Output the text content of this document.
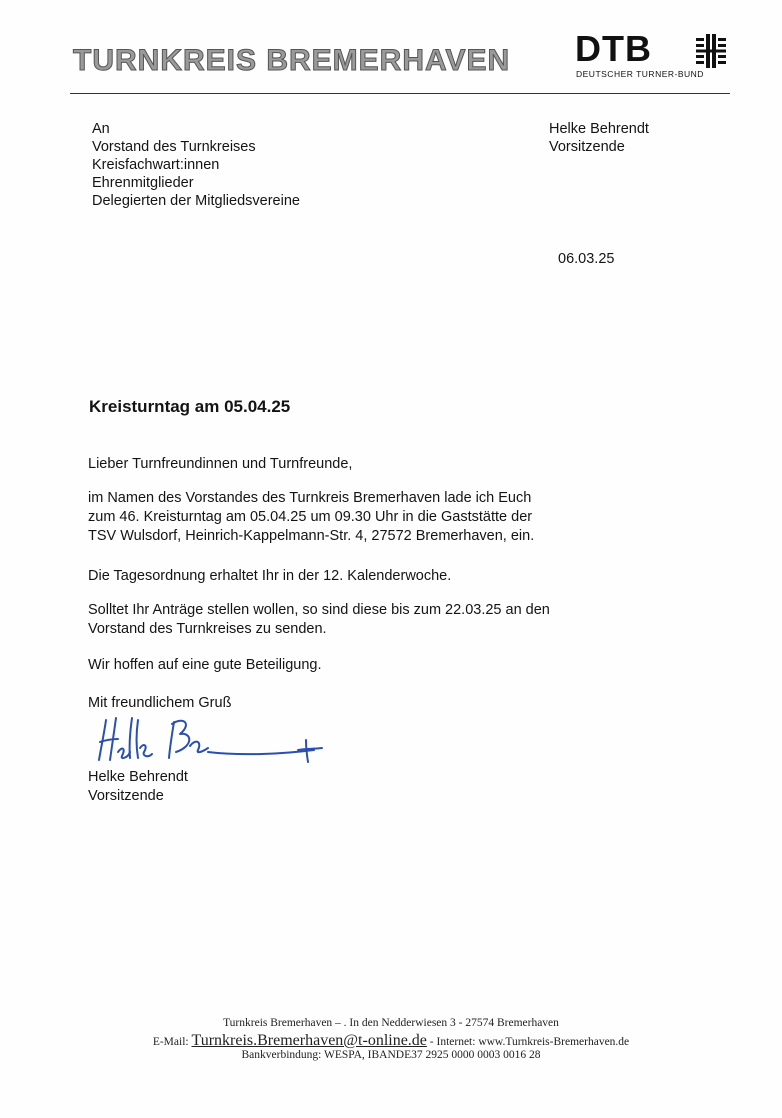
TURNKREIS BREMERHAVEN DTB
DEUTSCHER TURNER-BUND
An
Vorstand des Turnkreises
Kreisfachwart:innen
Ehrenmitglieder
Delegierten der Mitgliedsvereine
Helke Behrendt
Vorsitzende
06.03.25
Kreisturntag am 05.04.25
Lieber Turnfreundinnen und Turnfreunde,
im Namen des Vorstandes des Turnkreis Bremerhaven lade ich Euch
zum 46. Kreisturntag am 05.04.25 um 09.30 Uhr in die Gaststätte der
TSV Wulsdorf, Heinrich-Kappelmann-Str. 4, 27572 Bremerhaven, ein.
Die Tagesordnung erhaltet Ihr in der 12. Kalenderwoche.
Solltet Ihr Anträge stellen wollen, so sind diese bis zum 22.03.25 an den
Vorstand des Turnkreises zu senden.
Wir hoffen auf eine gute Beteiligung.
Mit freundlichem Gruß
Helke Behrendt
Vorsitzende
Turnkreis Bremerhaven – . In den Nedderwiesen 3 - 27574 Bremerhaven
E-Mail: Turnkreis.Bremerhaven@t-online.de - Internet: www.Turnkreis-Bremerhaven.de
Bankverbindung: WESPA, IBANDE37 2925 0000 0003 0016 28
